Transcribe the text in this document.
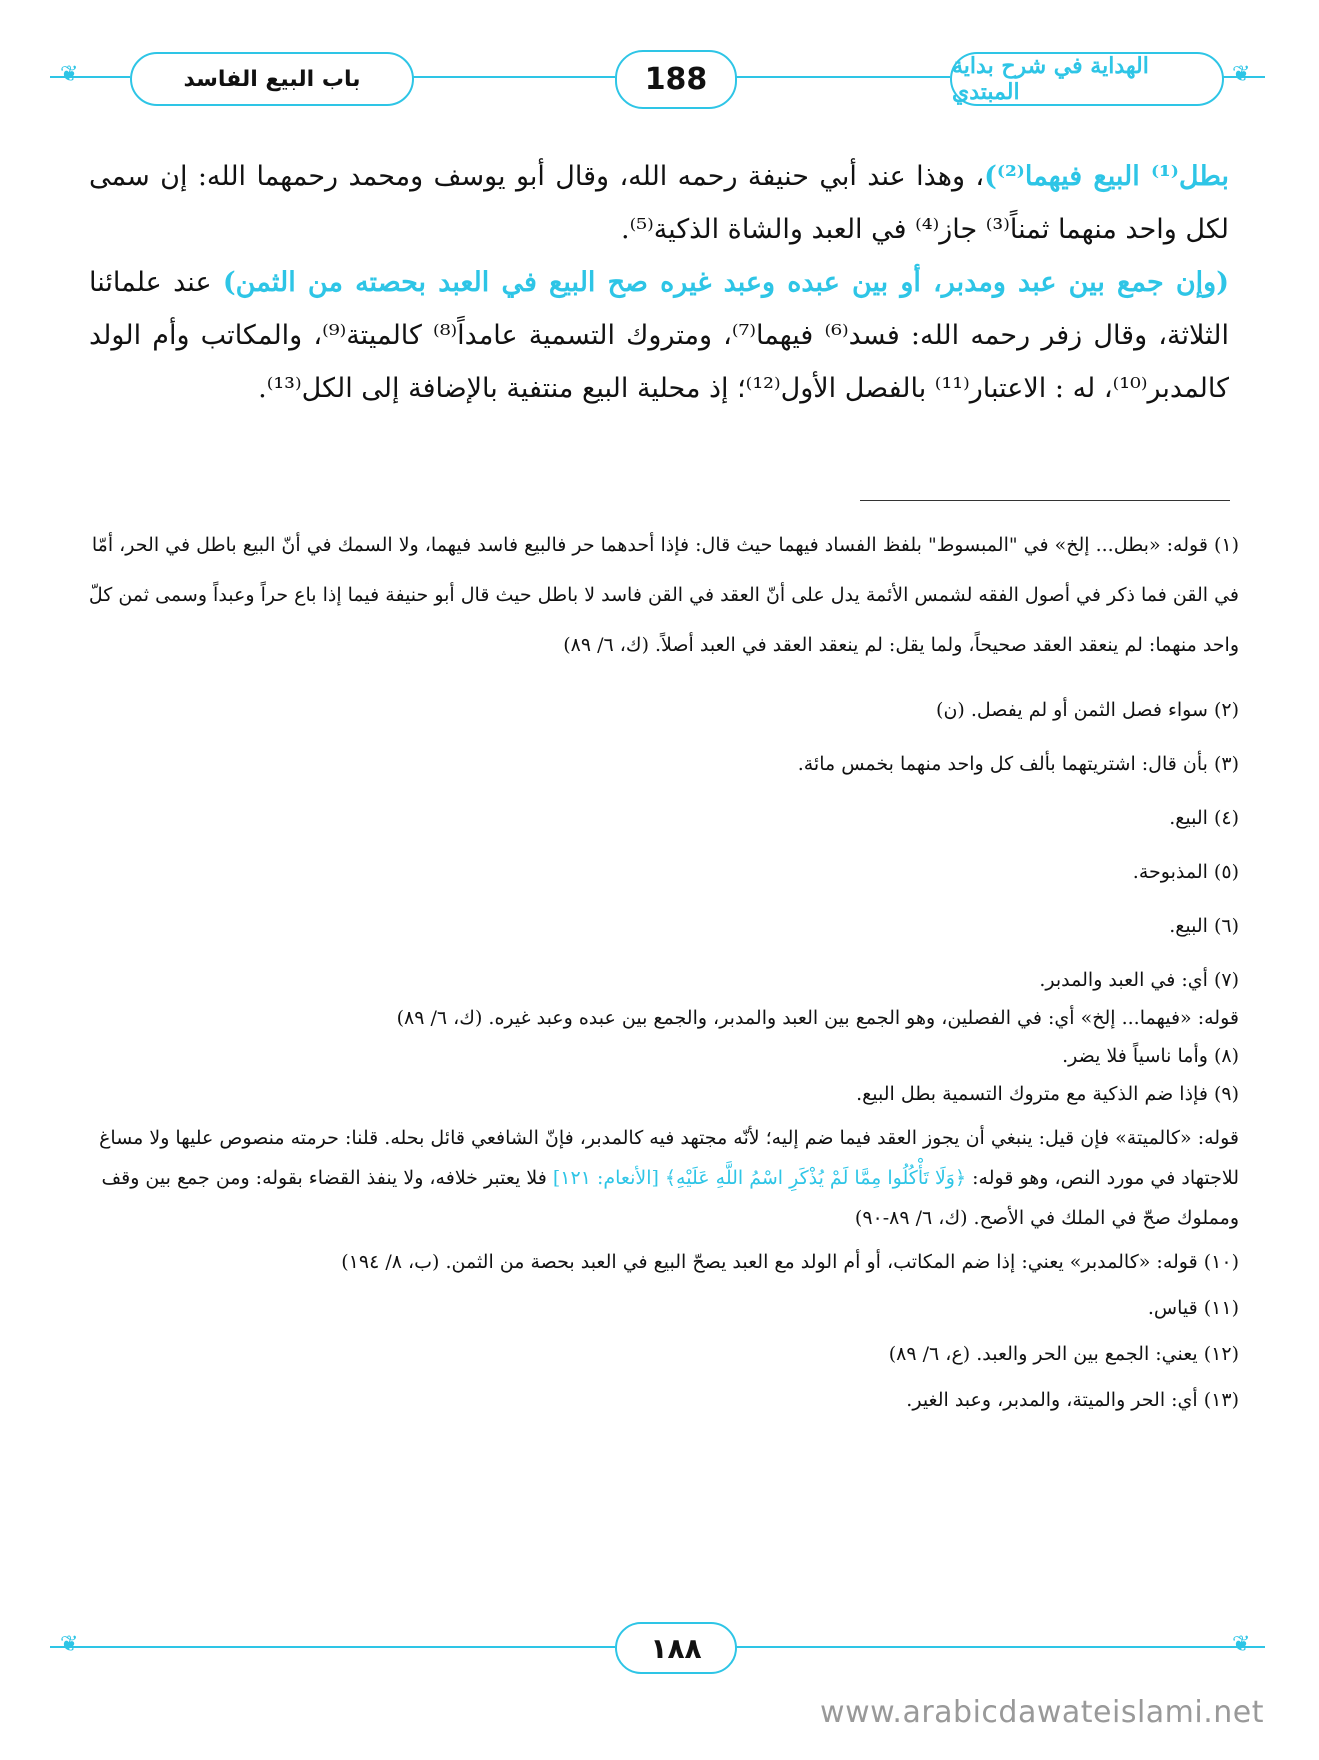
❦	❦
باب البيع الفاسد	188	الهداية في شرح بداية المبتدي

بطل⁽¹⁾ البيع فيهما⁽²⁾)، وهذا عند أبي حنيفة رحمه الله، وقال أبو يوسف ومحمد رحمهما الله: إن سمى لكل واحد منهما ثمناً⁽³⁾ جاز⁽⁴⁾ في العبد والشاة الذكية⁽⁵⁾.

(وإن جمع بين عبد ومدبر، أو بين عبده وعبد غيره صح البيع في العبد بحصته من الثمن) عند علمائنا الثلاثة، وقال زفر رحمه الله: فسد⁽⁶⁾ فيهما⁽⁷⁾، ومتروك التسمية عامداً⁽⁸⁾ كالميتة⁽⁹⁾، والمكاتب وأم الولد كالمدبر⁽¹⁰⁾، له : الاعتبار⁽¹¹⁾ بالفصل الأول⁽¹²⁾؛ إذ محلية البيع منتفية بالإضافة إلى الكل⁽¹³⁾.

(١) قوله: «بطل... إلخ» في "المبسوط" بلفظ الفساد فيهما حيث قال: فإذا أحدهما حر فالبيع فاسد فيهما، ولا السمك في أنّ البيع باطل في الحر، أمّا في القن فما ذكر في أصول الفقه لشمس الأئمة يدل على أنّ العقد في القن فاسد لا باطل حيث قال أبو حنيفة فيما إذا باع حراً وعبداً وسمى ثمن كلّ واحد منهما: لم ينعقد العقد صحيحاً، ولما يقل: لم ينعقد العقد في العبد أصلاً. (ك، ٦/ ٨٩)

(٢) سواء فصل الثمن أو لم يفصل. (ن)

(٣) بأن قال: اشتريتهما بألف كل واحد منهما بخمس مائة.

(٤) البيع.

(٥) المذبوحة.

(٦) البيع.

(٧) أي: في العبد والمدبر.

قوله: «فيهما... إلخ» أي: في الفصلين، وهو الجمع بين العبد والمدبر، والجمع بين عبده وعبد غيره. (ك، ٦/ ٨٩)

(٨) وأما ناسياً فلا يضر.

(٩) فإذا ضم الذكية مع متروك التسمية بطل البيع.

قوله: «كالميتة» فإن قيل: ينبغي أن يجوز العقد فيما ضم إليه؛ لأنّه مجتهد فيه كالمدبر، فإنّ الشافعي قائل بحله. قلنا: حرمته منصوص عليها ولا مساغ للاجتهاد في مورد النص، وهو قوله: ﴿وَلَا تَأْكُلُوا مِمَّا لَمْ يُذْكَرِ اسْمُ اللَّهِ عَلَيْهِ﴾ [الأنعام: ١٢١] فلا يعتبر خلافه، ولا ينفذ القضاء بقوله: ومن جمع بين وقف ومملوك صحّ في الملك في الأصح. (ك، ٦/ ٨٩-٩٠)

(١٠) قوله: «كالمدبر» يعني: إذا ضم المكاتب، أو أم الولد مع العبد يصحّ البيع في العبد بحصة من الثمن. (ب، ٨/ ١٩٤)

(١١) قياس.

(١٢) يعني: الجمع بين الحر والعبد. (ع، ٦/ ٨٩)

(١٣) أي: الحر والميتة، والمدبر، وعبد الغير.

❦	❦
١٨٨
www.arabicdawateislami.net
